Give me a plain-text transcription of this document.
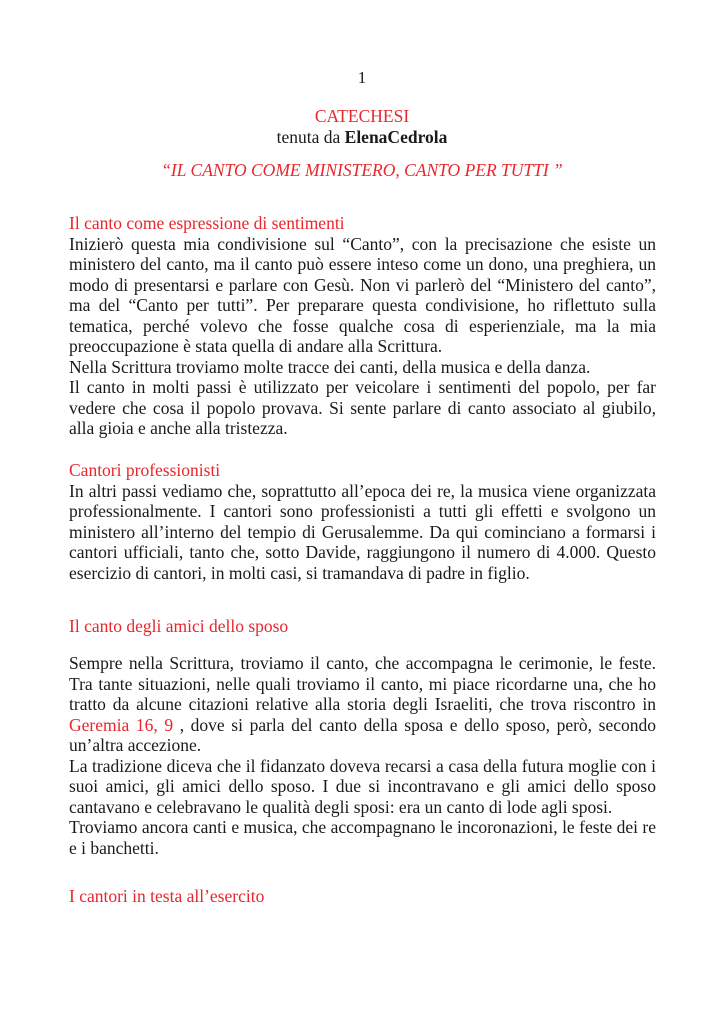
1
CATECHESI
tenuta da ElenaCedrola
“IL CANTO COME MINISTERO, CANTO PER TUTTI ”

Il canto come espressione di sentimenti

Inizierò questa mia condivisione sul “Canto”, con la precisazione che esiste un ministero del canto, ma il canto può essere inteso come un dono, una preghiera, un modo di presentarsi e parlare con Gesù. Non vi parlerò del “Ministero del canto”, ma del “Canto per tutti”. Per preparare questa condivisione, ho riflettuto sulla tematica, perché volevo che fosse qualche cosa di esperienziale, ma la mia preoccupazione è stata quella di andare alla Scrittura.

Nella Scrittura troviamo molte tracce dei canti, della musica e della danza.

Il canto in molti passi è utilizzato per veicolare i sentimenti del popolo, per far vedere che cosa il popolo provava. Si sente parlare di canto associato al giubilo, alla gioia e anche alla tristezza.

Cantori professionisti

In altri passi vediamo che, soprattutto all’epoca dei re, la musica viene organizzata professionalmente. I cantori sono professionisti a tutti gli effetti e svolgono un ministero all’interno del tempio di Gerusalemme. Da qui cominciano a formarsi i cantori ufficiali, tanto che, sotto Davide, raggiungono il numero di 4.000. Questo esercizio di cantori, in molti casi, si tramandava di padre in figlio.

Il canto degli amici dello sposo

Sempre nella Scrittura, troviamo il canto, che accompagna le cerimonie, le feste. Tra tante situazioni, nelle quali troviamo il canto, mi piace ricordarne una, che ho tratto da alcune citazioni relative alla storia degli Israeliti, che trova riscontro in Geremia 16, 9 , dove si parla del canto della sposa e dello sposo, però, secondo un’altra accezione.

La tradizione diceva che il fidanzato doveva recarsi a casa della futura moglie con i suoi amici, gli amici dello sposo. I due si incontravano e gli amici dello sposo cantavano e celebravano le qualità degli sposi: era un canto di lode agli sposi.

Troviamo ancora canti e musica, che accompagnano le incoronazioni, le feste dei re e i banchetti.

I cantori in testa all’esercito
